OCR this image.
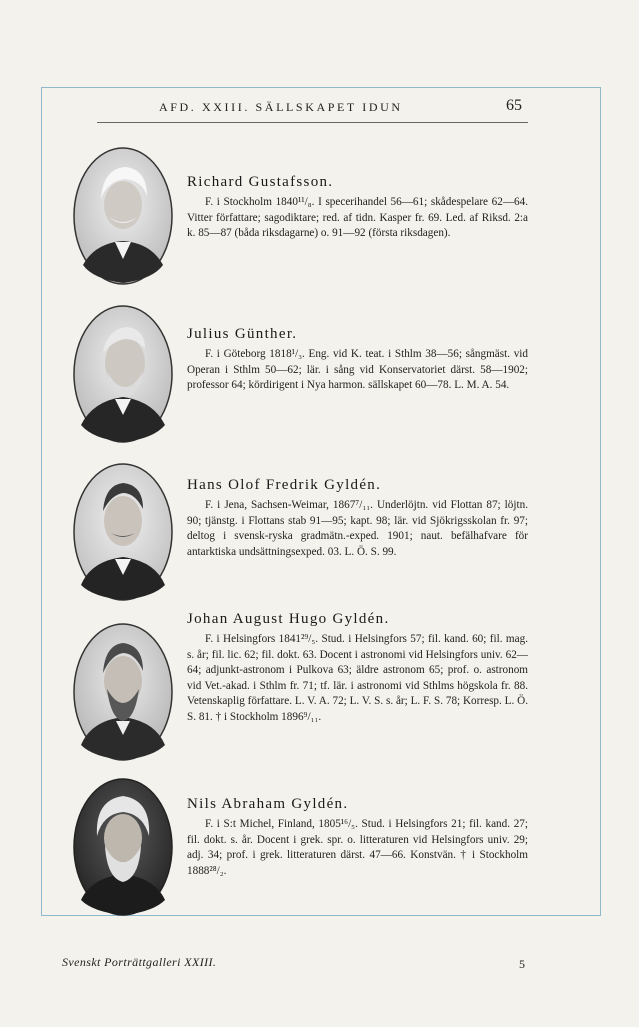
AFD. XXIII. SÄLLSKAPET IDUN	65
Richard Gustafsson.

F. i Stockholm 1840¹¹/₈. I specerihandel 56—61; skådespelare 62—64. Vitter författare; sagodiktare; red. af tidn. Kasper fr. 69. Led. af Riksd. 2:a k. 85—87 (båda riksdagarne) o. 91—92 (första riksdagen).

Julius Günther.

F. i Göteborg 1818¹/₃. Eng. vid K. teat. i Sthlm 38—56; sångmäst. vid Operan i Sthlm 50—62; lär. i sång vid Konservatoriet därst. 58—1902; professor 64; kördirigent i Nya harmon. sällskapet 60—78. L. M. A. 54.

Hans Olof Fredrik Gyldén.

F. i Jena, Sachsen-Weimar, 1867⁷/₁₁. Underlöjtn. vid Flottan 87; löjtn. 90; tjänstg. i Flottans stab 91—95; kapt. 98; lär. vid Sjökrigsskolan fr. 97; deltog i svensk-ryska gradmätn.-exped. 1901; naut. befälhafvare för antarktiska undsättningsexped. 03. L. Ö. S. 99.

Johan August Hugo Gyldén.

F. i Helsingfors 1841²⁹/₅. Stud. i Helsingfors 57; fil. kand. 60; fil. mag. s. år; fil. lic. 62; fil. dokt. 63. Docent i astronomi vid Helsingfors univ. 62—64; adjunkt-astronom i Pulkova 63; äldre astronom 65; prof. o. astronom vid Vet.-akad. i Sthlm fr. 71; tf. lär. i astronomi vid Sthlms högskola fr. 88. Vetenskaplig författare. L. V. A. 72; L. V. S. s. år; L. F. S. 78; Korresp. L. Ö. S. 81. † i Stockholm 1896⁹/₁₁.

Nils Abraham Gyldén.

F. i S:t Michel, Finland, 1805¹⁶/₅. Stud. i Helsingfors 21; fil. kand. 27; fil. dokt. s. år. Docent i grek. spr. o. litteraturen vid Helsingfors univ. 29; adj. 34; prof. i grek. litteraturen därst. 47—66. Konstvän. † i Stockholm 1888²⁸/₂.

Svenskt Porträttgalleri XXIII.	5
